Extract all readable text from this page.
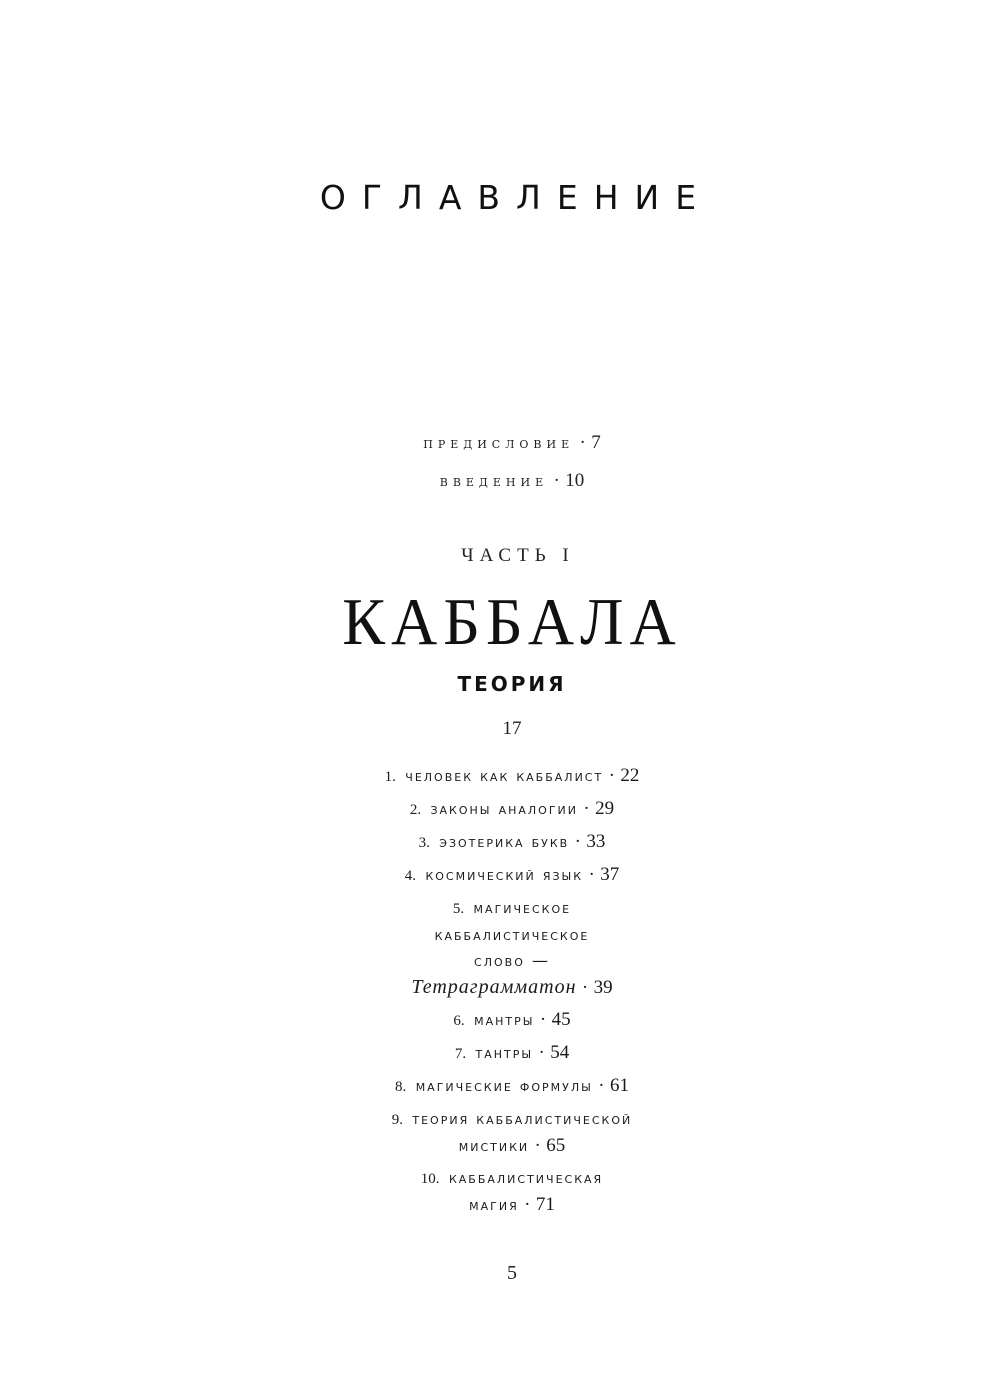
ОГЛАВЛЕНИЕ
предисловие · 7
введение · 10
ЧАСТЬ I
КАББАЛА
ТЕОРИЯ
17
1. человек как каббалист · 22
2. законы аналогии · 29
3. эзотерика букв · 33
4. космический язык · 37
5. магическое
каббалистическое
слово —
Тетраграмматон · 39
6. мантры · 45
7. тантры · 54
8. магические формулы · 61
9. теория каббалистической
мистики · 65
10. каббалистическая
магия · 71
5
